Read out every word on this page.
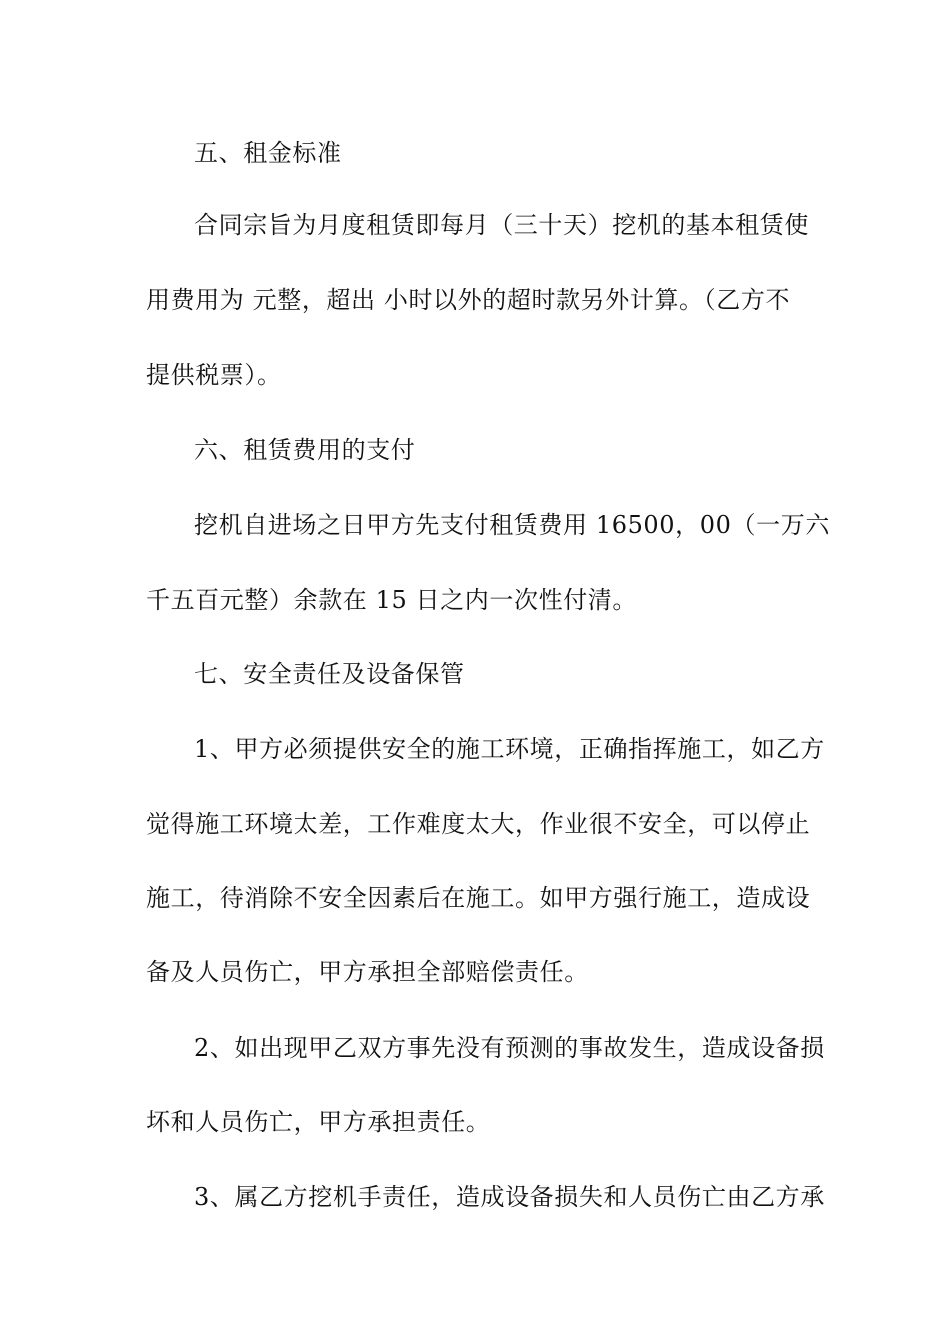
五、租金标准
合同宗旨为月度租赁即每月（三十天）挖机的基本租赁使
用费用为 元整，超出 小时以外的超时款另外计算。（乙方不
提供税票）。
六、租赁费用的支付
挖机自进场之日甲方先支付租赁费用 16500，00（一万六
千五百元整）余款在 15 日之内一次性付清。
七、安全责任及设备保管
1、甲方必须提供安全的施工环境，正确指挥施工，如乙方
觉得施工环境太差，工作难度太大，作业很不安全，可以停止
施工，待消除不安全因素后在施工。如甲方强行施工，造成设
备及人员伤亡，甲方承担全部赔偿责任。
2、如出现甲乙双方事先没有预测的事故发生，造成设备损
坏和人员伤亡，甲方承担责任。
3、属乙方挖机手责任，造成设备损失和人员伤亡由乙方承
